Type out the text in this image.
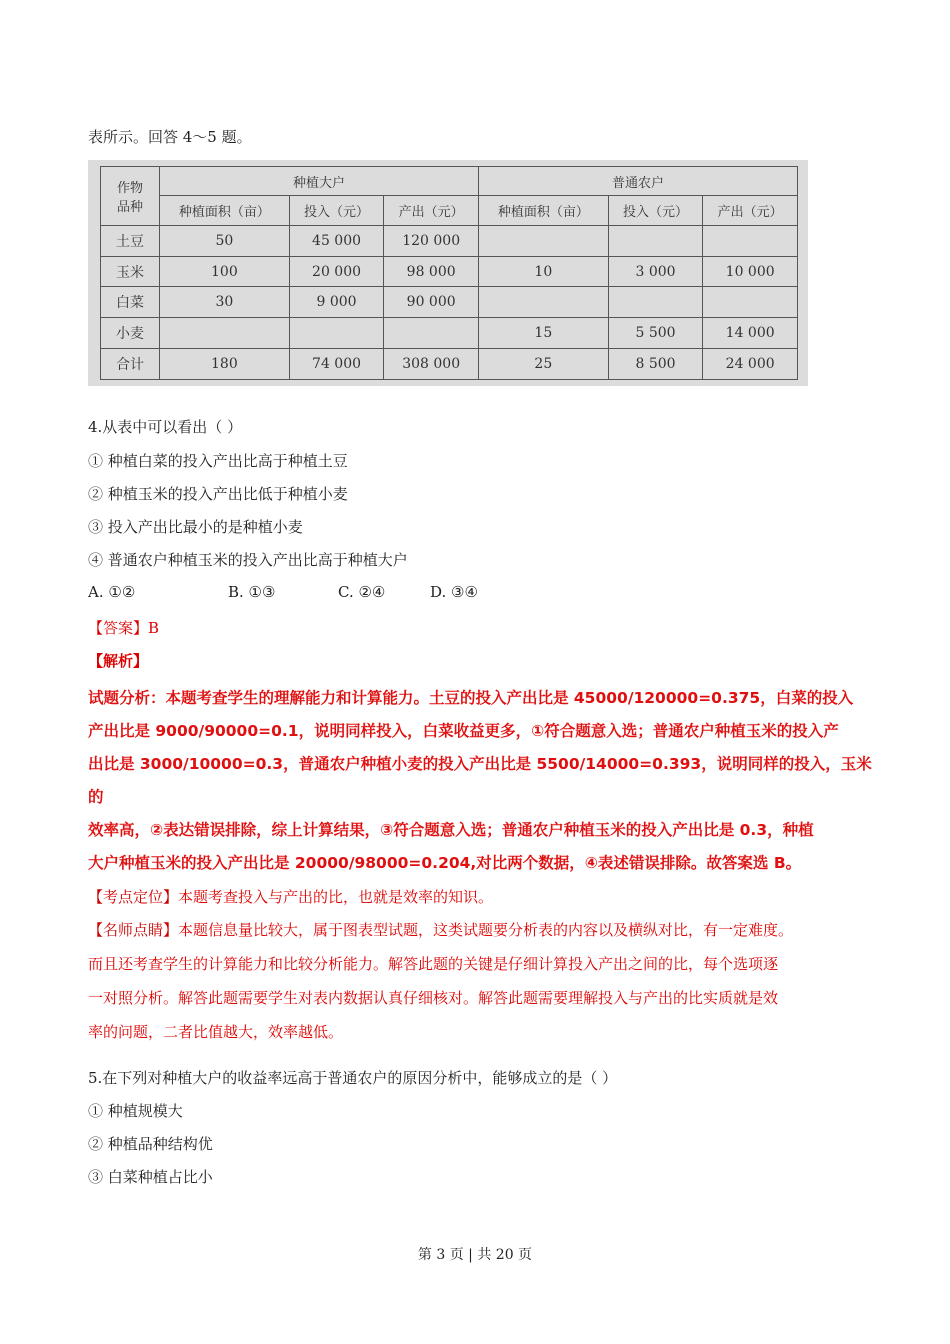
表所示。回答 4～5 题。
作物
品种	种植大户			普通农户		
	种植面积（亩）	投入（元）	产出（元）	种植面积（亩）	投入（元）	产出（元）
土豆	50	45 000	120 000			
玉米	100	20 000	98 000	10	3 000	10 000
白菜	30	9 000	90 000			
小麦				15	5 500	14 000
合计	180	74 000	308 000	25	8 500	24 000
4.从表中可以看出（ ）
① 种植白菜的投入产出比高于种植土豆
② 种植玉米的投入产出比低于种植小麦
③ 投入产出比最小的是种植小麦
④ 普通农户种植玉米的投入产出比高于种植大户
A. ①②	B. ①③	C. ②④	D. ③④
【答案】B
【解析】
试题分析：本题考查学生的理解能力和计算能力。土豆的投入产出比是 45000/120000=0.375，白菜的投入
产出比是 9000/90000=0.1，说明同样投入，白菜收益更多，①符合题意入选；普通农户种植玉米的投入产
出比是 3000/10000=0.3，普通农户种植小麦的投入产出比是 5500/14000=0.393，说明同样的投入，玉米的
效率高，②表达错误排除，综上计算结果，③符合题意入选；普通农户种植玉米的投入产出比是 0.3，种植
大户种植玉米的投入产出比是 20000/98000=0.204,对比两个数据，④表述错误排除。故答案选 B。
【考点定位】本题考查投入与产出的比，也就是效率的知识。
【名师点睛】本题信息量比较大，属于图表型试题，这类试题要分析表的内容以及横纵对比，有一定难度。
而且还考查学生的计算能力和比较分析能力。解答此题的关键是仔细计算投入产出之间的比，每个选项逐
一对照分析。解答此题需要学生对表内数据认真仔细核对。解答此题需要理解投入与产出的比实质就是效
率的问题，二者比值越大，效率越低。
5.在下列对种植大户的收益率远高于普通农户的原因分析中，能够成立的是（ ）
① 种植规模大
② 种植品种结构优
③ 白菜种植占比小
第 3 页 | 共 20 页
